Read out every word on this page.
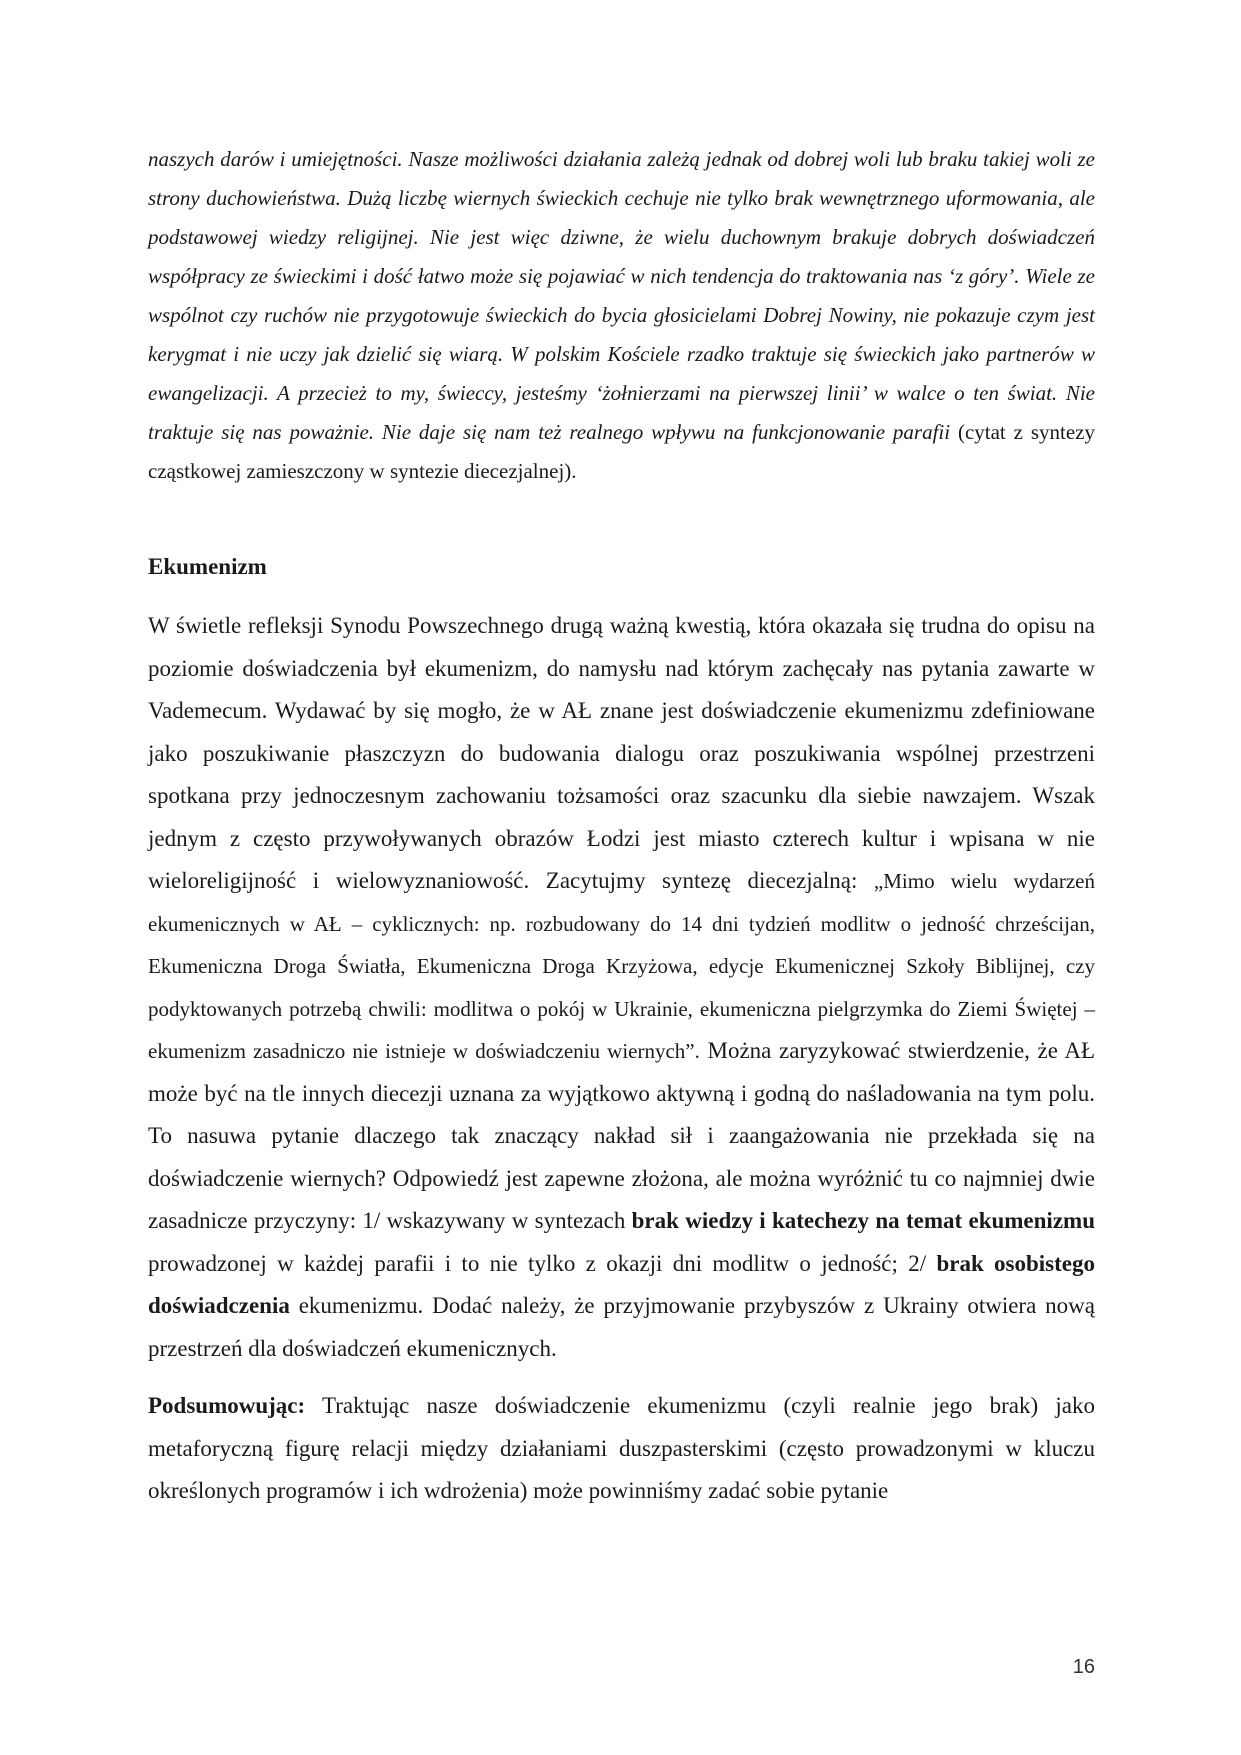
naszych darów i umiejętności. Nasze możliwości działania zależą jednak od dobrej woli lub braku takiej woli ze strony duchowieństwa. Dużą liczbę wiernych świeckich cechuje nie tylko brak wewnętrznego uformowania, ale podstawowej wiedzy religijnej. Nie jest więc dziwne, że wielu duchownym brakuje dobrych doświadczeń współpracy ze świeckimi i dość łatwo może się pojawiać w nich tendencja do traktowania nas ‘z góry’. Wiele ze wspólnot czy ruchów nie przygotowuje świeckich do bycia głosicielami Dobrej Nowiny, nie pokazuje czym jest kerygmat i nie uczy jak dzielić się wiarą. W polskim Kościele rzadko traktuje się świeckich jako partnerów w ewangelizacji. A przecież to my, świeccy, jesteśmy ‘żołnierzami na pierwszej linii’ w walce o ten świat. Nie traktuje się nas poważnie. Nie daje się nam też realnego wpływu na funkcjonowanie parafii (cytat z syntezy cząstkowej zamieszczony w syntezie diecezjalnej).

Ekumenizm

W świetle refleksji Synodu Powszechnego drugą ważną kwestią, która okazała się trudna do opisu na poziomie doświadczenia był ekumenizm, do namysłu nad którym zachęcały nas pytania zawarte w Vademecum. Wydawać by się mogło, że w AŁ znane jest doświadczenie ekumenizmu zdefiniowane jako poszukiwanie płaszczyzn do budowania dialogu oraz poszukiwania wspólnej przestrzeni spotkana przy jednoczesnym zachowaniu tożsamości oraz szacunku dla siebie nawzajem. Wszak jednym z często przywoływanych obrazów Łodzi jest miasto czterech kultur i wpisana w nie wieloreligijność i wielowyznaniowość. Zacytujmy syntezę diecezjalną: „Mimo wielu wydarzeń ekumenicznych w AŁ – cyklicznych: np. rozbudowany do 14 dni tydzień modlitw o jedność chrześcijan, Ekumeniczna Droga Światła, Ekumeniczna Droga Krzyżowa, edycje Ekumenicznej Szkoły Biblijnej, czy podyktowanych potrzebą chwili: modlitwa o pokój w Ukrainie, ekumeniczna pielgrzymka do Ziemi Świętej – ekumenizm zasadniczo nie istnieje w doświadczeniu wiernych”. Można zaryzykować stwierdzenie, że AŁ może być na tle innych diecezji uznana za wyjątkowo aktywną i godną do naśladowania na tym polu. To nasuwa pytanie dlaczego tak znaczący nakład sił i zaangażowania nie przekłada się na doświadczenie wiernych? Odpowiedź jest zapewne złożona, ale można wyróżnić tu co najmniej dwie zasadnicze przyczyny: 1/ wskazywany w syntezach brak wiedzy i katechezy na temat ekumenizmu prowadzonej w każdej parafii i to nie tylko z okazji dni modlitw o jedność; 2/ brak osobistego doświadczenia ekumenizmu. Dodać należy, że przyjmowanie przybyszów z Ukrainy otwiera nową przestrzeń dla doświadczeń ekumenicznych.

Podsumowując: Traktując nasze doświadczenie ekumenizmu (czyli realnie jego brak) jako metaforyczną figurę relacji między działaniami duszpasterskimi (często prowadzonymi w kluczu określonych programów i ich wdrożenia) może powinniśmy zadać sobie pytanie

16
